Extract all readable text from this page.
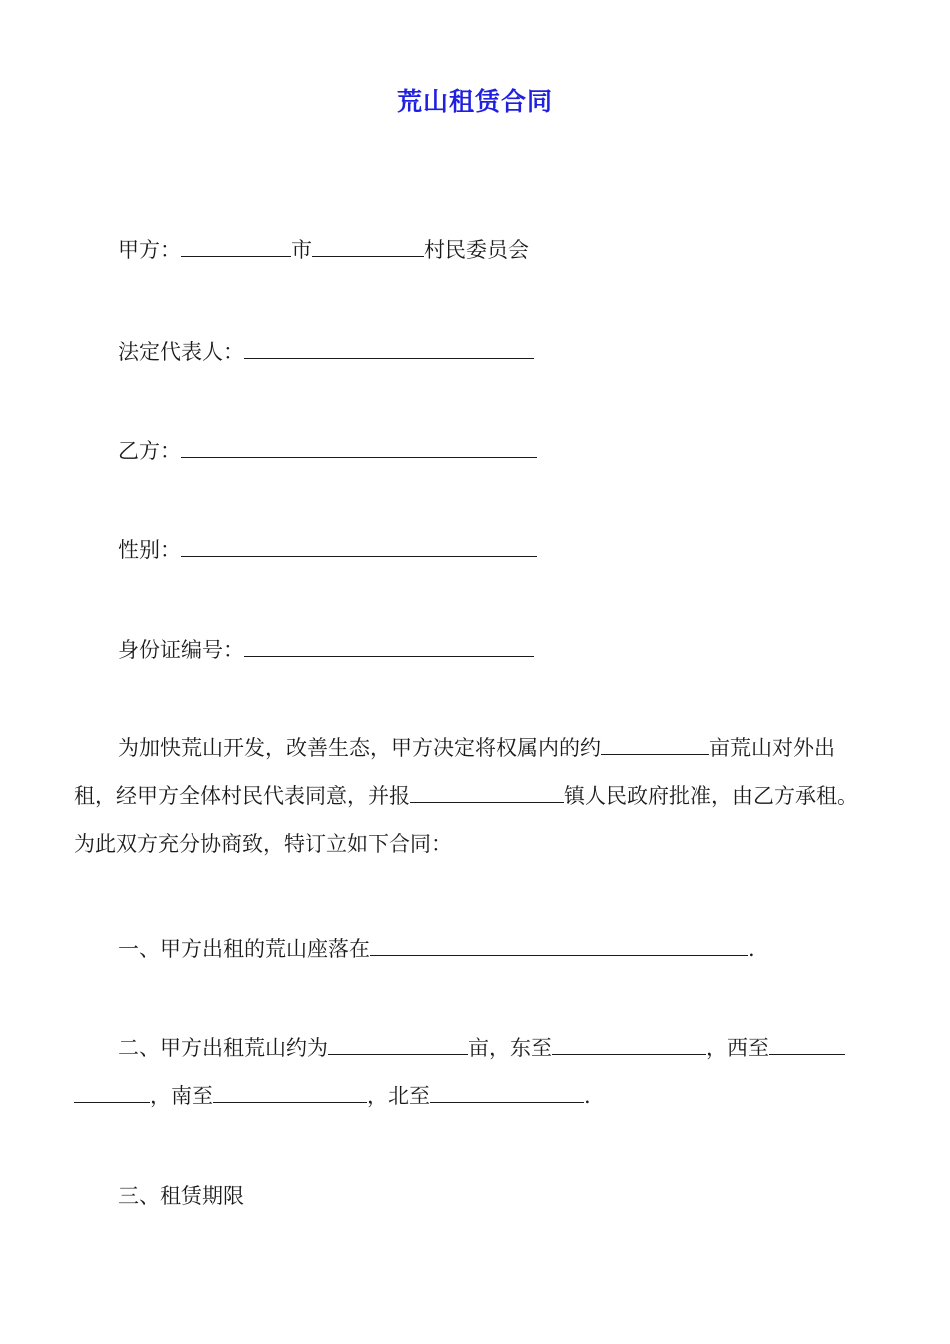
荒山租赁合同
甲方：	市	村民委员会
法定代表人：
乙方：
性别：
身份证编号：
为加快荒山开发，改善生态，甲方决定将权属内的约	亩荒山对外出
租，经甲方全体村民代表同意，并报	镇人民政府批准，由乙方承租。
为此双方充分协商致，特订立如下合同：
一、甲方出租的荒山座落在	.
二、甲方出租荒山约为	亩，东至	，西至
，南至	，北至	.
三、租赁期限
